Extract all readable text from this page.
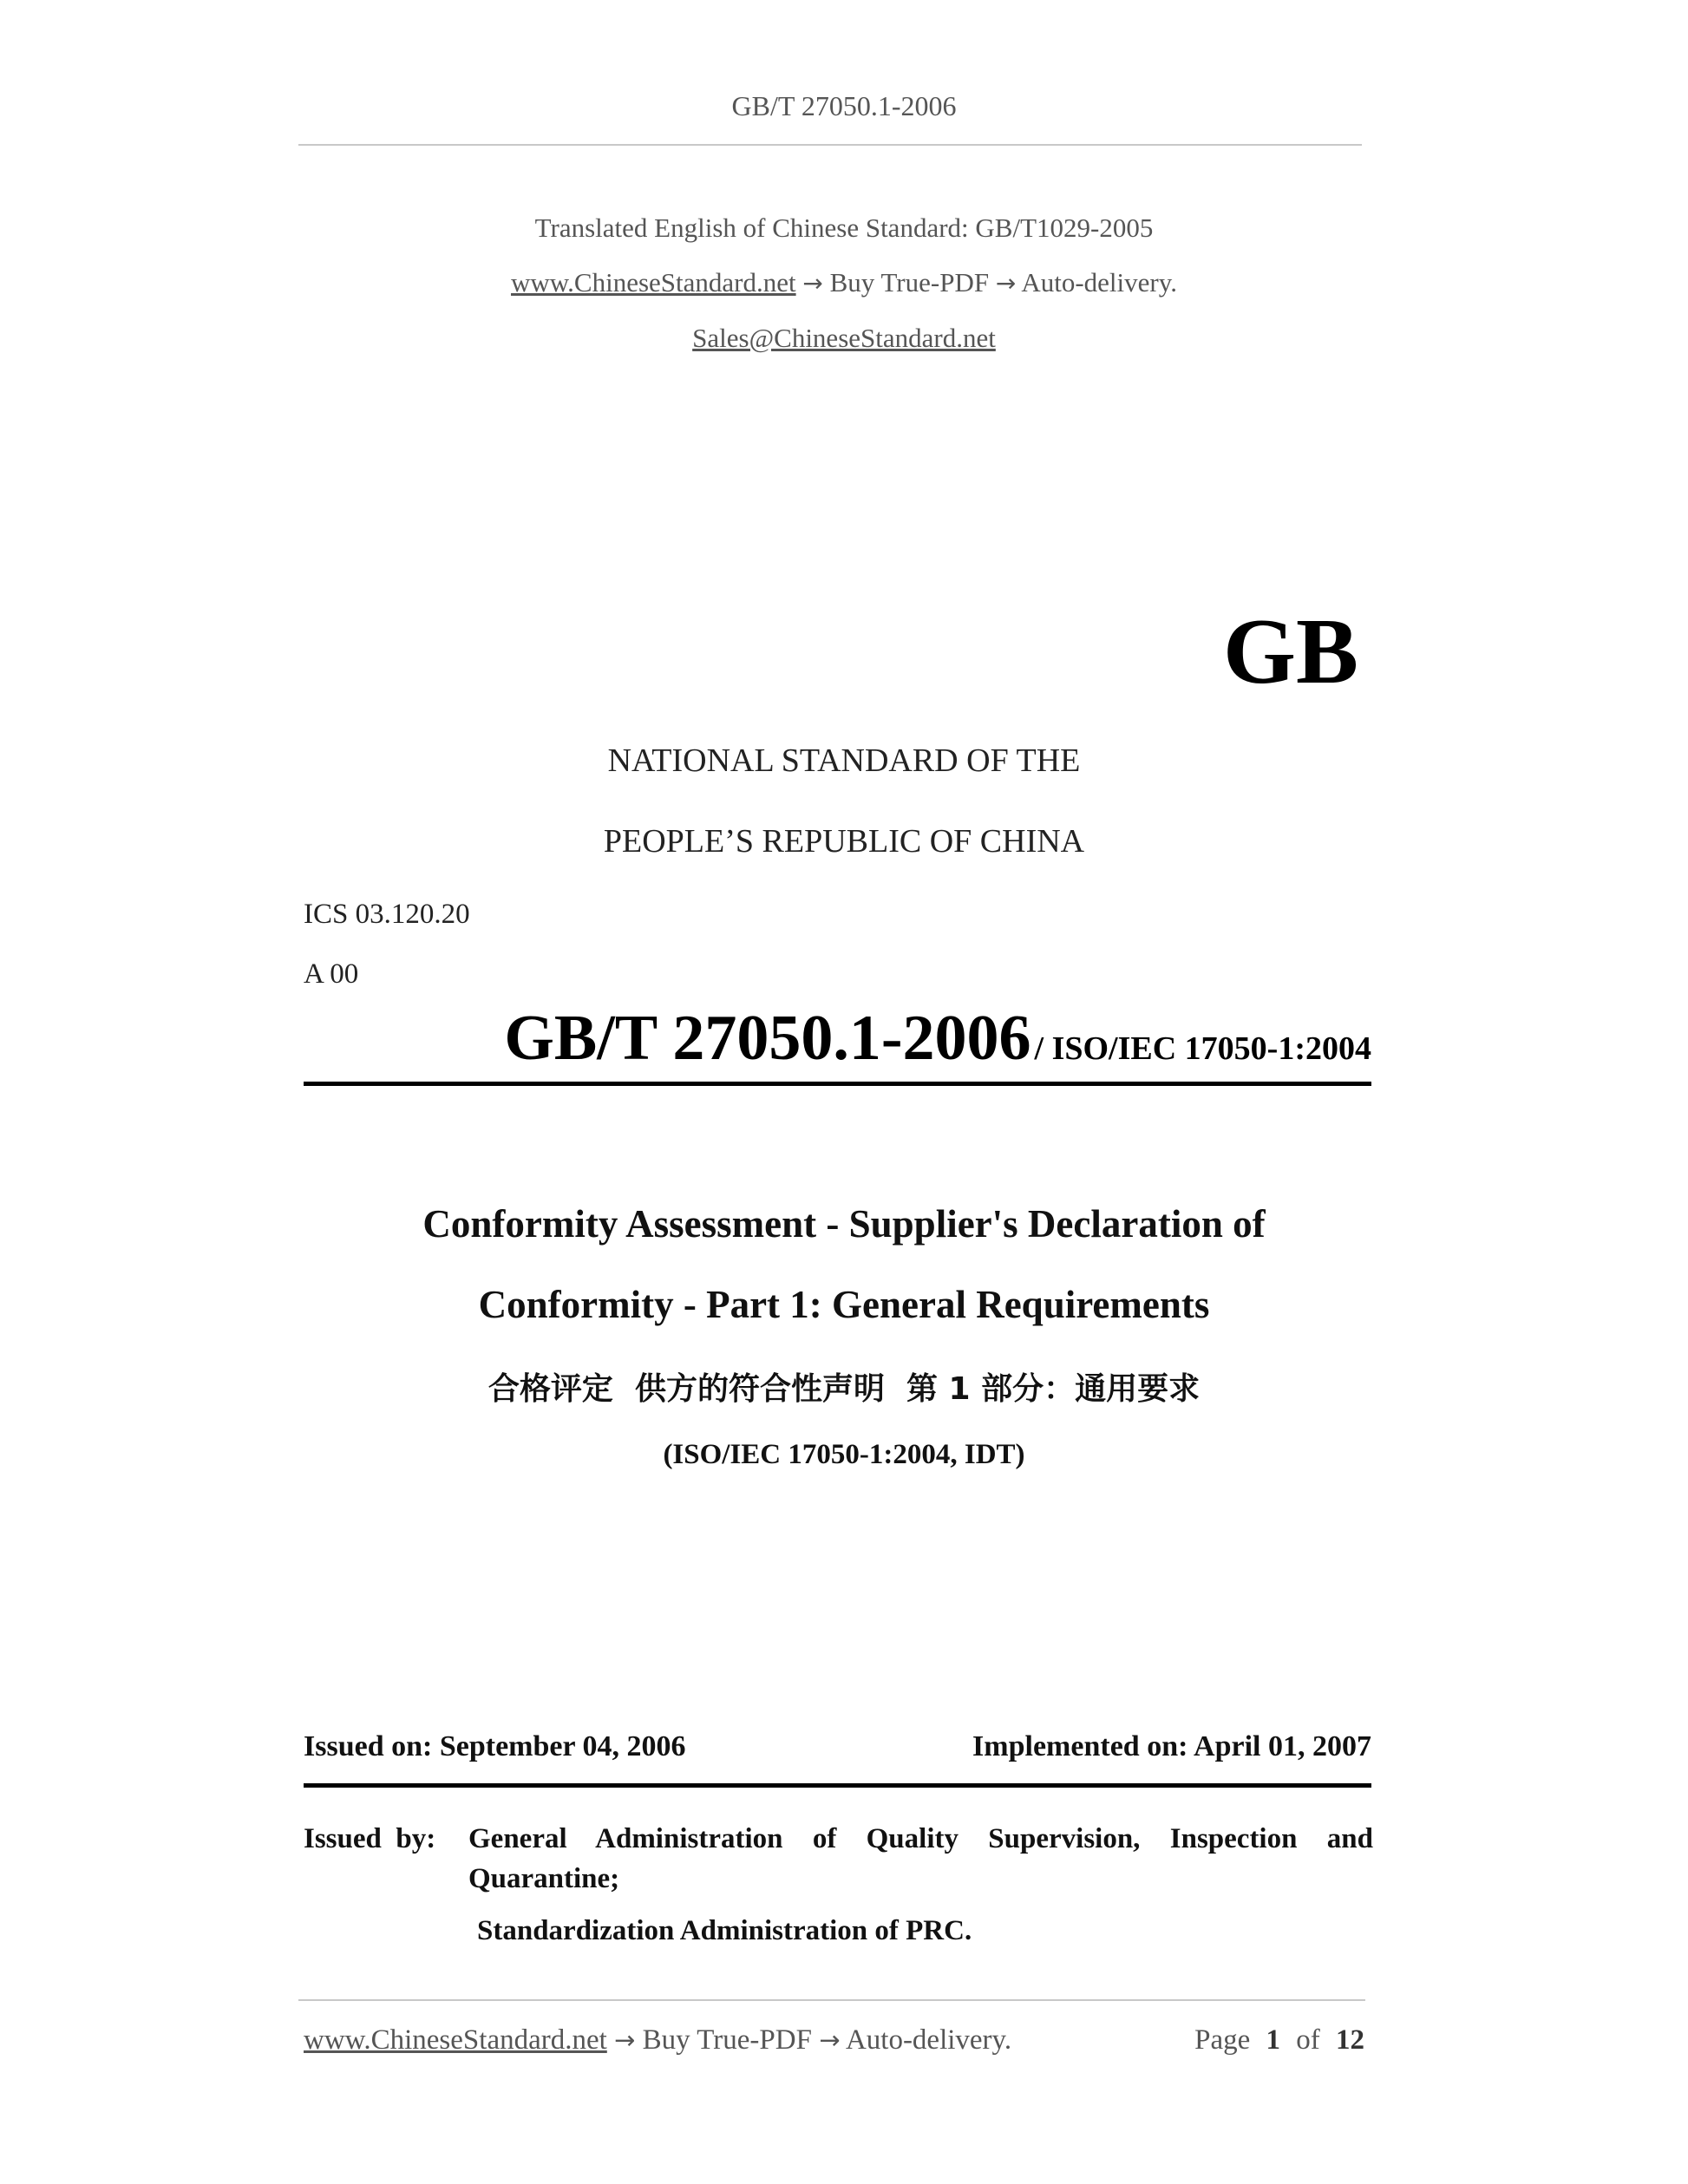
GB/T 27050.1-2006
Translated English of Chinese Standard: GB/T1029-2005
www.ChineseStandard.net → Buy True-PDF → Auto-delivery.
Sales@ChineseStandard.net
GB
NATIONAL STANDARD OF THE
PEOPLE’S REPUBLIC OF CHINA
ICS 03.120.20
A 00
GB/T 27050.1-2006 / ISO/IEC 17050-1:2004
Conformity Assessment - Supplier's Declaration of
Conformity - Part 1: General Requirements
合格评定  供方的符合性声明  第 1 部分：通用要求
(ISO/IEC 17050-1:2004, IDT)
Issued on: September 04, 2006	Implemented on: April 01, 2007
Issued  by: General Administration of Quality Supervision, Inspection and
Quarantine;
Standardization Administration of PRC.
www.ChineseStandard.net → Buy True-PDF → Auto-delivery.	Page 1 of 12
